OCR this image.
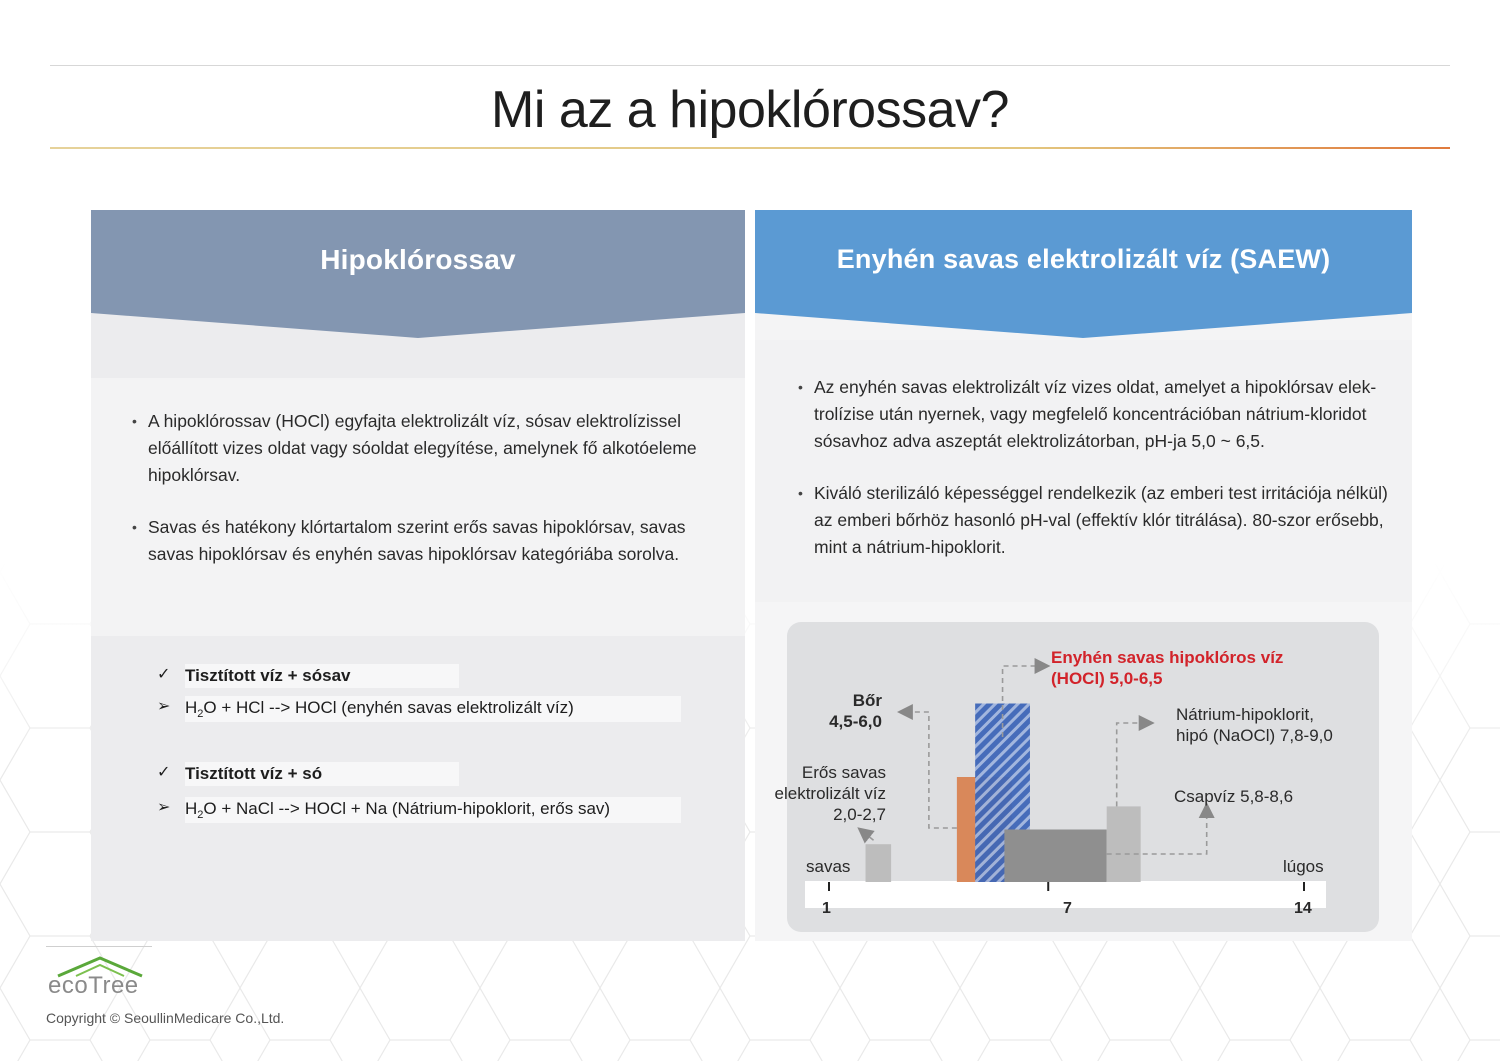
Mi az a hipoklórossav?
Hipoklórossav
• A hipoklórossav (HOCl) egyfajta elektrolizált víz, sósav elektrolízissel előállított vizes oldat vagy sóoldat elegyítése, amelynek fő alkotóeleme hipoklórsav.
• Savas és hatékony klórtartalom szerint erős savas hipoklórsav, savas savas hipoklórsav és enyhén savas hipoklórsav kategóriába sorolva.
✓ Tisztított víz + sósav
➢ $H_2O$ + HCl --> HOCl (enyhén savas elektrolizált víz)
✓ Tisztított víz + só
➢ $H_2O$ + NaCl --> HOCl + Na (Nátrium-hipoklorit, erős sav)
Enyhén savas elektrolizált víz (SAEW)
• Az enyhén savas elektrolizált víz vizes oldat, amelyet a hipoklórsav elek- trolízise után nyernek, vagy megfelelő koncentrációban nátrium-kloridot sósavhoz adva aszeptát elektrolizátorban, pH-ja 5,0 ~ 6,5.
• Kiváló sterilizáló képességgel rendelkezik (az emberi test irritációja nélkül) az emberi bőrhöz hasonló pH-val (effektív klór titrálása). 80-szor erősebb, mint a nátrium-hipoklorit.
savas	lúgos
1	7	14
Erős savas
elektrolizált víz
2,0-2,7
Bőr
4,5-6,0
Enyhén savas hipoklóros víz
(HOCl) 5,0-6,5
Csapvíz 5,8-8,6
Nátrium-hipoklorit,
hipó (NaOCl) 7,8-9,0
ecoTree
Copyright © SeoullinMedicare Co.,Ltd.
